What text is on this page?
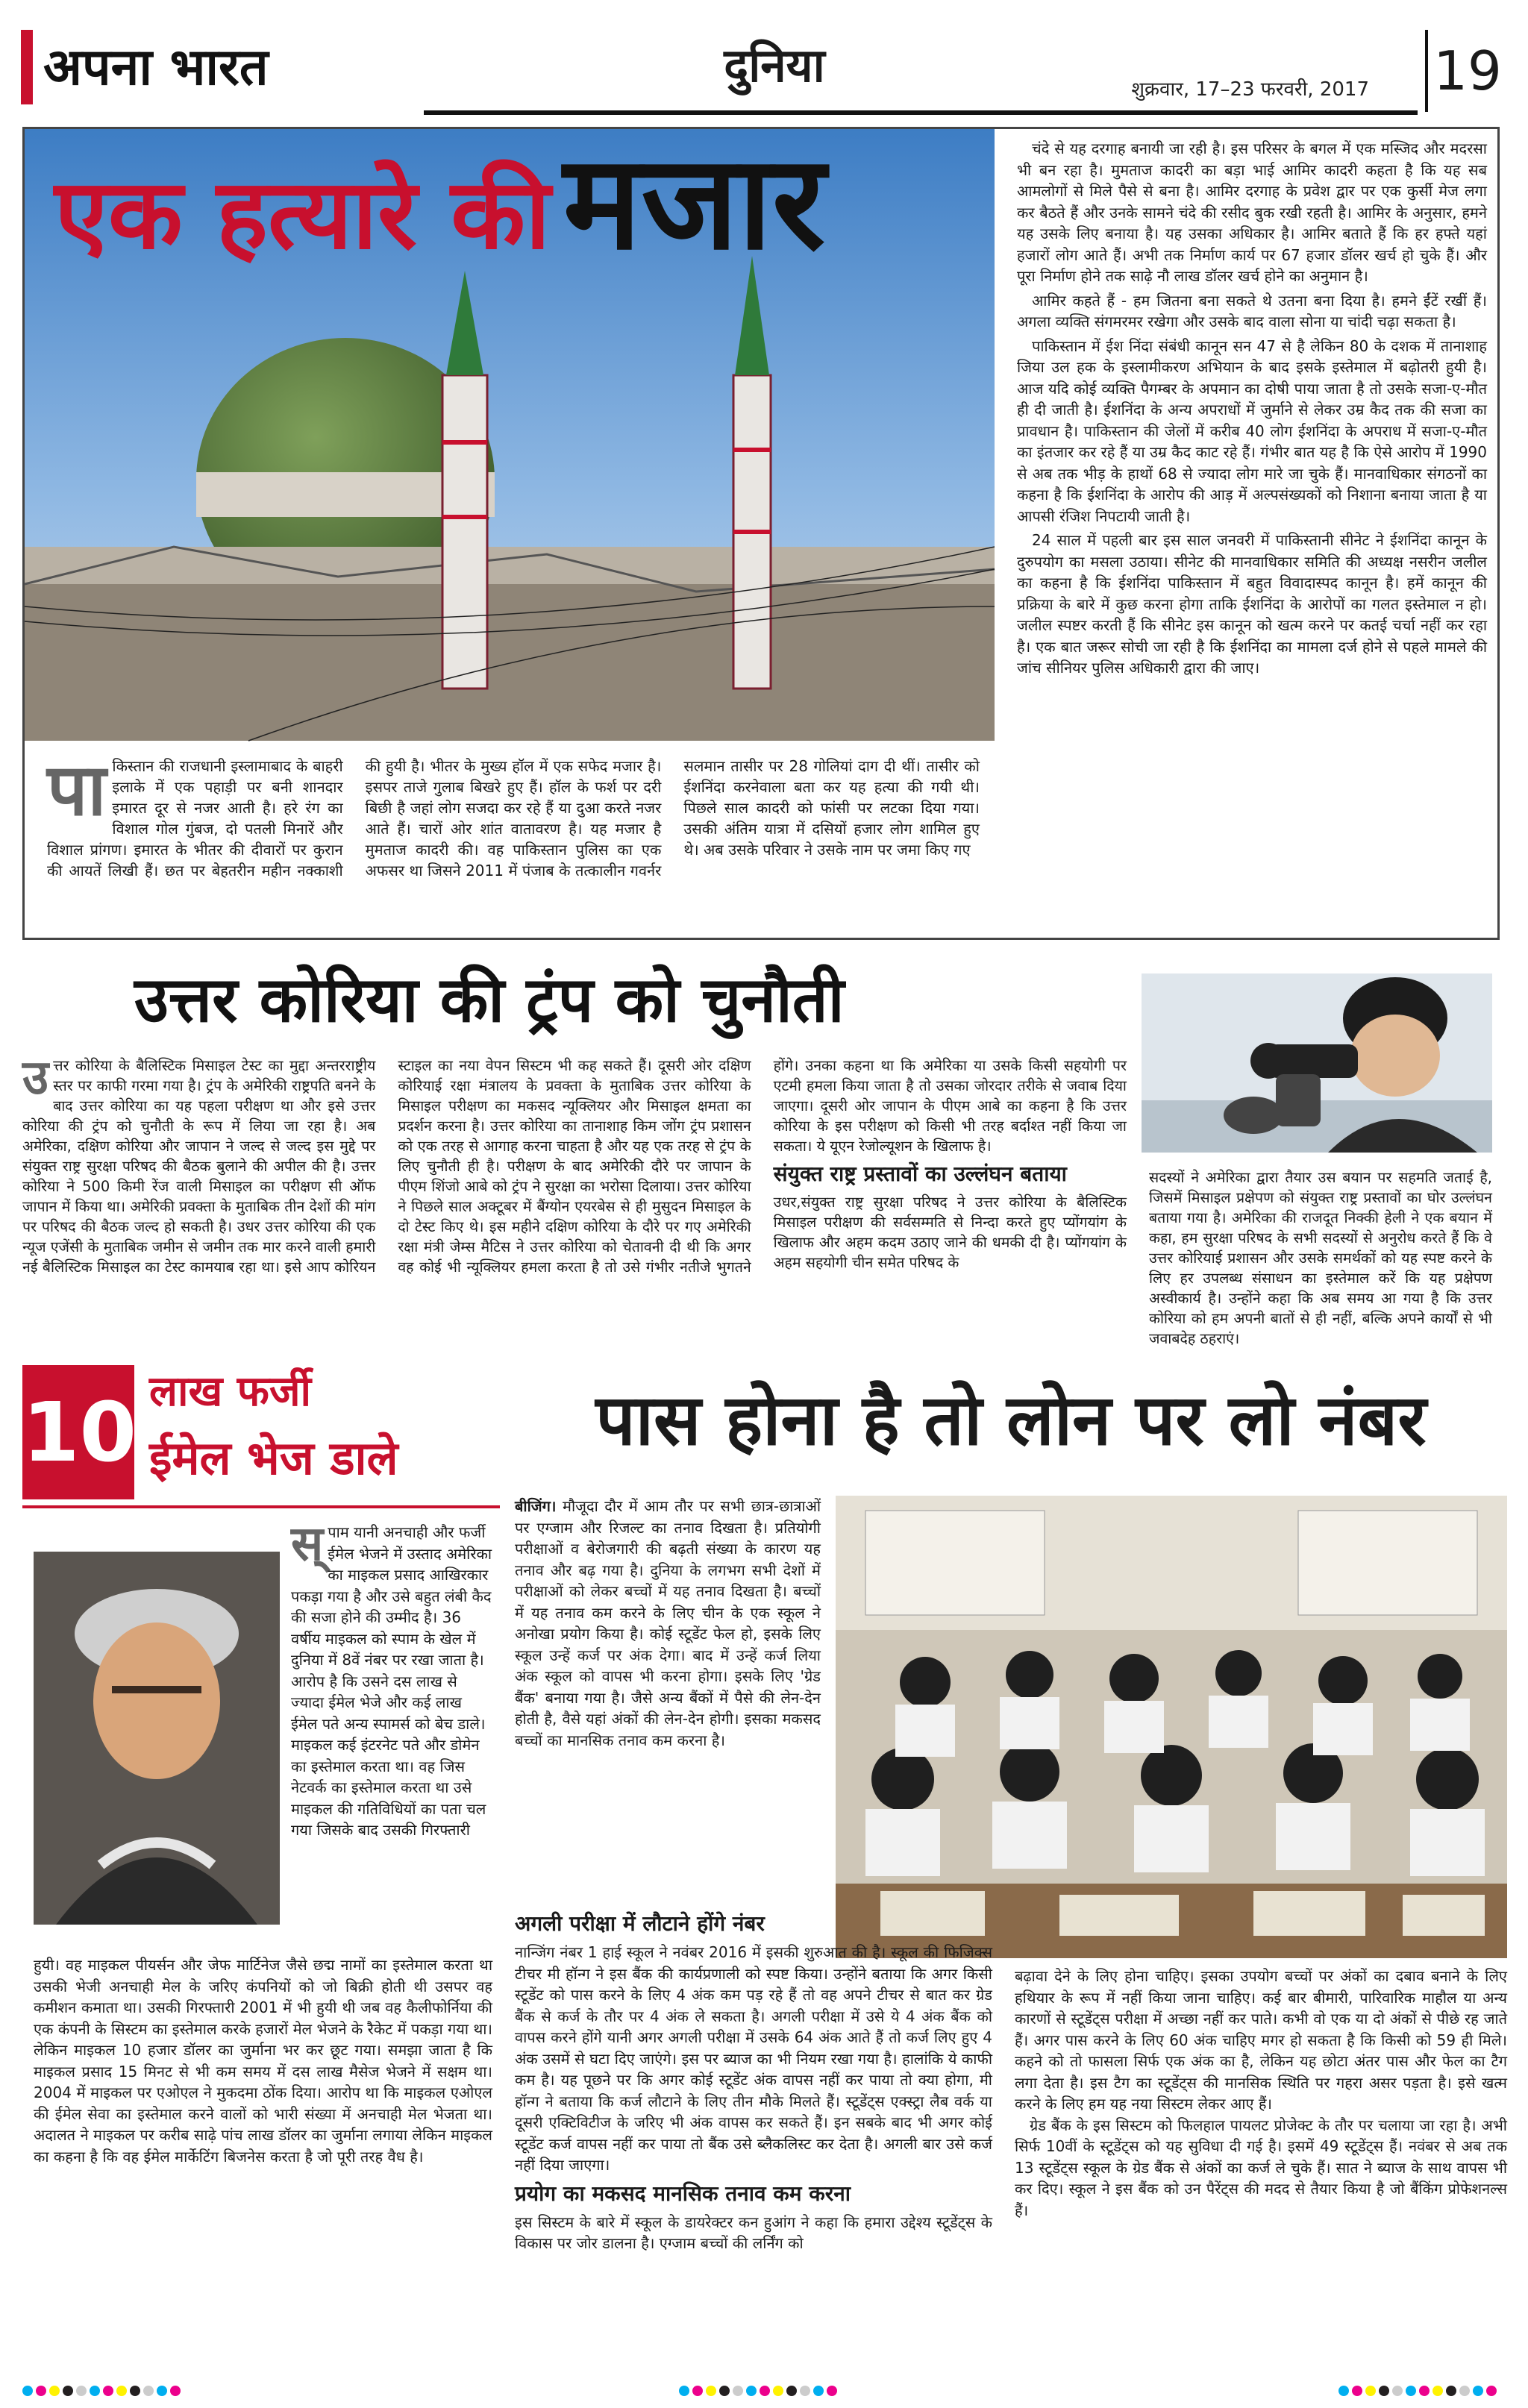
अपना भारत	दुनिया	शुक्रवार, 17–23 फरवरी, 2017 19
एक हत्यारे की मजार
पा किस्तान की राजधानी इस्लामाबाद के बाहरी इलाके में एक पहाड़ी पर बनी शानदार इमारत दूर से नजर आती है। हरे रंग का विशाल गोल गुंबज, दो पतली मिनारें और विशाल प्रांगण। इमारत के भीतर की दीवारों पर कुरान की आयतें लिखी हैं। छत पर बेहतरीन महीन नक्काशी की हुयी है। भीतर के मुख्य हॉल में एक सफेद मजार है। इसपर ताजे गुलाब बिखरे हुए हैं। हॉल के फर्श पर दरी बिछी है जहां लोग सजदा कर रहे हैं या दुआ करते नजर आते हैं। चारों ओर शांत वातावरण है। यह मजार है मुमताज कादरी की। वह पाकिस्तान पुलिस का एक अफसर था जिसने 2011 में पंजाब के तत्कालीन गवर्नर सलमान तासीर पर 28 गोलियां दाग दी थीं। तासीर को ईशनिंदा करनेवाला बता कर यह हत्या की गयी थी। पिछले साल कादरी को फांसी पर लटका दिया गया। उसकी अंतिम यात्रा में दसियों हजार लोग शामिल हुए थे। अब उसके परिवार ने उसके नाम पर जमा किए गए

चंदे से यह दरगाह बनायी जा रही है। इस परिसर के बगल में एक मस्जिद और मदरसा भी बन रहा है। मुमताज कादरी का बड़ा भाई आमिर कादरी कहता है कि यह सब आमलोगों से मिले पैसे से बना है। आमिर दरगाह के प्रवेश द्वार पर एक कुर्सी मेज लगा कर बैठते हैं और उनके सामने चंदे की रसीद बुक रखी रहती है। आमिर के अनुसार, हमने यह उसके लिए बनाया है। यह उसका अधिकार है। आमिर बताते हैं कि हर हफ्ते यहां हजारों लोग आते हैं। अभी तक निर्माण कार्य पर 67 हजार डॉलर खर्च हो चुके हैं। और पूरा निर्माण होने तक साढ़े नौ लाख डॉलर खर्च होने का अनुमान है।

आमिर कहते हैं - हम जितना बना सकते थे उतना बना दिया है। हमने ईंटें रखीं हैं। अगला व्यक्ति संगमरमर रखेगा और उसके बाद वाला सोना या चांदी चढ़ा सकता है।

पाकिस्तान में ईश निंदा संबंधी कानून सन 47 से है लेकिन 80 के दशक में तानाशाह जिया उल हक के इस्लामीकरण अभियान के बाद इसके इस्तेमाल में बढ़ोतरी हुयी है। आज यदि कोई व्यक्ति पैगम्बर के अपमान का दोषी पाया जाता है तो उसके सजा-ए-मौत ही दी जाती है। ईशनिंदा के अन्य अपराधों में जुर्माने से लेकर उम्र कैद तक की सजा का प्रावधान है। पाकिस्तान की जेलों में करीब 40 लोग ईशनिंदा के अपराध में सजा-ए-मौत का इंतजार कर रहे हैं या उम्र कैद काट रहे हैं। गंभीर बात यह है कि ऐसे आरोप में 1990 से अब तक भीड़ के हाथों 68 से ज्यादा लोग मारे जा चुके हैं। मानवाधिकार संगठनों का कहना है कि ईशनिंदा के आरोप की आड़ में अल्पसंख्यकों को निशाना बनाया जाता है या आपसी रंजिश निपटायी जाती है।

24 साल में पहली बार इस साल जनवरी में पाकिस्तानी सीनेट ने ईशनिंदा कानून के दुरुपयोग का मसला उठाया। सीनेट की मानवाधिकार समिति की अध्यक्ष नसरीन जलील का कहना है कि ईशनिंदा पाकिस्तान में बहुत विवादास्पद कानून है। हमें कानून की प्रक्रिया के बारे में कुछ करना होगा ताकि ईशनिंदा के आरोपों का गलत इस्तेमाल न हो। जलील स्पष्टर करती हैं कि सीनेट इस कानून को खत्म करने पर कतई चर्चा नहीं कर रहा है। एक बात जरूर सोची जा रही है कि ईशनिंदा का मामला दर्ज होने से पहले मामले की जांच सीनियर पुलिस अधिकारी द्वारा की जाए।

उत्तर कोरिया की ट्रंप को चुनौती
उ त्तर कोरिया के बैलिस्टिक मिसाइल टेस्ट का मुद्दा अन्तरराष्ट्रीय स्तर पर काफी गरमा गया है। ट्रंप के अमेरिकी राष्ट्रपति बनने के बाद उत्तर कोरिया का यह पहला परीक्षण था और इसे उत्तर कोरिया की ट्रंप को चुनौती के रूप में लिया जा रहा है। अब अमेरिका, दक्षिण कोरिया और जापान ने जल्द से जल्द इस मुद्दे पर संयुक्त राष्ट्र सुरक्षा परिषद की बैठक बुलाने की अपील की है। उत्तर कोरिया ने 500 किमी रेंज वाली मिसाइल का परीक्षण सी ऑफ जापान में किया था। अमेरिकी प्रवक्ता के मुताबिक तीन देशों की मांग पर परिषद की बैठक जल्द हो सकती है। उधर उत्तर कोरिया की एक न्यूज एजेंसी के मुताबिक जमीन से जमीन तक मार करने वाली हमारी नई बैलिस्टिक मिसाइल का टेस्ट कामयाब रहा था। इसे आप कोरियन स्टाइल का नया वेपन सिस्टम भी कह सकते हैं। दूसरी ओर दक्षिण कोरियाई रक्षा मंत्रालय के प्रवक्ता के मुताबिक उत्तर कोरिया के मिसाइल परीक्षण का मकसद न्यूक्लियर और मिसाइल क्षमता का प्रदर्शन करना है। उत्तर कोरिया का तानाशाह किम जोंग ट्रंप प्रशासन को एक तरह से आगाह करना चाहता है और यह एक तरह से ट्रंप के लिए चुनौती ही है। परीक्षण के बाद अमेरिकी दौरे पर जापान के पीएम शिंजो आबे को ट्रंप ने सुरक्षा का भरोसा दिलाया। उत्तर कोरिया ने पिछले साल अक्टूबर में बैंग्योन एयरबेस से ही मुसुदन मिसाइल के दो टेस्ट किए थे। इस महीने दक्षिण कोरिया के दौरे पर गए अमेरिकी रक्षा मंत्री जेम्स मैटिस ने उत्तर कोरिया को चेतावनी दी थी कि अगर वह कोई भी न्यूक्लियर हमला करता है तो उसे गंभीर नतीजे भुगतने होंगे। उनका कहना था कि अमेरिका या उसके किसी सहयोगी पर एटमी हमला किया जाता है तो उसका जोरदार तरीके से जवाब दिया जाएगा। दूसरी ओर जापान के पीएम आबे का कहना है कि उत्तर कोरिया के इस परीक्षण को किसी भी तरह बर्दाश्त नहीं किया जा सकता। ये यूएन रेजोल्यूशन के खिलाफ है।
संयुक्त राष्ट्र प्रस्तावों का उल्लंघन बताया
उधर,संयुक्त राष्ट्र सुरक्षा परिषद ने उत्तर कोरिया के बैलिस्टिक मिसाइल परीक्षण की सर्वसम्मति से निन्दा करते हुए प्योंगयांग के खिलाफ और अहम कदम उठाए जाने की धमकी दी है। प्योंगयांग के अहम सहयोगी चीन समेत परिषद के
सदस्यों ने अमेरिका द्वारा तैयार उस बयान पर सहमति जताई है, जिसमें मिसाइल प्रक्षेपण को संयुक्त राष्ट्र प्रस्तावों का घोर उल्लंघन बताया गया है। अमेरिका की राजदूत निक्की हेली ने एक बयान में कहा, हम सुरक्षा परिषद के सभी सदस्यों से अनुरोध करते हैं कि वे उत्तर कोरियाई प्रशासन और उसके समर्थकों को यह स्पष्ट करने के लिए हर उपलब्ध संसाधन का इस्तेमाल करें कि यह प्रक्षेपण अस्वीकार्य है। उन्होंने कहा कि अब समय आ गया है कि उत्तर कोरिया को हम अपनी बातों से ही नहीं, बल्कि अपने कार्यों से भी जवाबदेह ठहराएं।
10 लाख फर्जी
ईमेल भेज डाले
स् पाम यानी अनचाही और फर्जी ईमेल भेजने में उस्ताद अमेरिका का माइकल प्रसाद आखिरकार पकड़ा गया है और उसे बहुत लंबी कैद की सजा होने की उम्मीद है। 36 वर्षीय माइकल को स्पाम के खेल में दुनिया में 8वें नंबर पर रखा जाता है। आरोप है कि उसने दस लाख से ज्यादा ईमेल भेजे और कई लाख ईमेल पते अन्य स्पामर्स को बेच डाले। माइकल कई इंटरनेट पते और डोमेन का इस्तेमाल करता था। वह जिस नेटवर्क का इस्तेमाल करता था उसे माइकल की गतिविधियों का पता चल गया जिसके बाद उसकी गिरफ्तारी
हुयी। वह माइकल पीयर्सन और जेफ मार्टिनेज जैसे छद्म नामों का इस्तेमाल करता था उसकी भेजी अनचाही मेल के जरिए कंपनियों को जो बिक्री होती थी उसपर वह कमीशन कमाता था। उसकी गिरफ्तारी 2001 में भी हुयी थी जब वह कैलीफोर्निया की एक कंपनी के सिस्टम का इस्तेमाल करके हजारों मेल भेजने के रैकेट में पकड़ा गया था। लेकिन माइकल 10 हजार डॉलर का जुर्माना भर कर छूट गया। समझा जाता है कि माइकल प्रसाद 15 मिनट से भी कम समय में दस लाख मैसेज भेजने में सक्षम था। 2004 में माइकल पर एओएल ने मुकदमा ठोंक दिया। आरोप था कि माइकल एओएल की ईमेल सेवा का इस्तेमाल करने वालों को भारी संख्या में अनचाही मेल भेजता था। अदालत ने माइकल पर करीब साढ़े पांच लाख डॉलर का जुर्माना लगाया लेकिन माइकल का कहना है कि वह ईमेल मार्केटिंग बिजनेस करता है जो पूरी तरह वैध है।
पास होना है तो लोन पर लो नंबर
बीजिंग। मौजूदा दौर में आम तौर पर सभी छात्र-छात्राओं पर एग्जाम और रिजल्ट का तनाव दिखता है। प्रतियोगी परीक्षाओं व बेरोजगारी की बढ़ती संख्या के कारण यह तनाव और बढ़ गया है। दुनिया के लगभग सभी देशों में परीक्षाओं को लेकर बच्चों में यह तनाव दिखता है। बच्चों में यह तनाव कम करने के लिए चीन के एक स्कूल ने अनोखा प्रयोग किया है। कोई स्टूडेंट फेल हो, इसके लिए स्कूल उन्हें कर्ज पर अंक देगा। बाद में उन्हें कर्ज लिया अंक स्कूल को वापस भी करना होगा। इसके लिए 'ग्रेड बैंक' बनाया गया है। जैसे अन्य बैंकों में पैसे की लेन-देन होती है, वैसे यहां अंकों की लेन-देन होगी। इसका मकसद बच्चों का मानसिक तनाव कम करना है।
अगली परीक्षा में लौटाने होंगे नंबर
नान्जिंग नंबर 1 हाई स्कूल ने नवंबर 2016 में इसकी शुरुआत की है। स्कूल की फिजिक्स टीचर मी हॉन्ग ने इस बैंक की कार्यप्रणाली को स्पष्ट किया। उन्होंने बताया कि अगर किसी स्टूडेंट को पास करने के लिए 4 अंक कम पड़ रहे हैं तो वह अपने टीचर से बात कर ग्रेड बैंक से कर्ज के तौर पर 4 अंक ले सकता है। अगली परीक्षा में उसे ये 4 अंक बैंक को वापस करने होंगे यानी अगर अगली परीक्षा में उसके 64 अंक आते हैं तो कर्ज लिए हुए 4 अंक उसमें से घटा दिए जाएंगे। इस पर ब्याज का भी नियम रखा गया है। हालांकि ये काफी कम है। यह पूछने पर कि अगर कोई स्टूडेंट अंक वापस नहीं कर पाया तो क्या होगा, मी हॉन्ग ने बताया कि कर्ज लौटाने के लिए तीन मौके मिलते हैं। स्टूडेंट्स एक्स्ट्रा लैब वर्क या दूसरी एक्टिविटीज के जरिए भी अंक वापस कर सकते हैं। इन सबके बाद भी अगर कोई स्टूडेंट कर्ज वापस नहीं कर पाया तो बैंक उसे ब्लैकलिस्ट कर देता है। अगली बार उसे कर्ज नहीं दिया जाएगा।
प्रयोग का मकसद मानसिक तनाव कम करना
इस सिस्टम के बारे में स्कूल के डायरेक्टर कन हुआंग ने कहा कि हमारा उद्देश्य स्टूडेंट्स के विकास पर जोर डालना है। एग्जाम बच्चों की लर्निंग को
बढ़ावा देने के लिए होना चाहिए। इसका उपयोग बच्चों पर अंकों का दबाव बनाने के लिए हथियार के रूप में नहीं किया जाना चाहिए। कई बार बीमारी, पारिवारिक माहौल या अन्य कारणों से स्टूडेंट्स परीक्षा में अच्छा नहीं कर पाते। कभी वो एक या दो अंकों से पीछे रह जाते हैं। अगर पास करने के लिए 60 अंक चाहिए मगर हो सकता है कि किसी को 59 ही मिले। कहने को तो फासला सिर्फ एक अंक का है, लेकिन यह छोटा अंतर पास और फेल का टैग लगा देता है। इस टैग का स्टूडेंट्स की मानसिक स्थिति पर गहरा असर पड़ता है। इसे खत्म करने के लिए हम यह नया सिस्टम लेकर आए हैं।

ग्रेड बैंक के इस सिस्टम को फिलहाल पायलट प्रोजेक्ट के तौर पर चलाया जा रहा है। अभी सिर्फ 10वीं के स्टूडेंट्स को यह सुविधा दी गई है। इसमें 49 स्टूडेंट्स हैं। नवंबर से अब तक 13 स्टूडेंट्स स्कूल के ग्रेड बैंक से अंकों का कर्ज ले चुके हैं। सात ने ब्याज के साथ वापस भी कर दिए। स्कूल ने इस बैंक को उन पैरेंट्स की मदद से तैयार किया है जो बैंकिंग प्रोफेशनल्स हैं।
